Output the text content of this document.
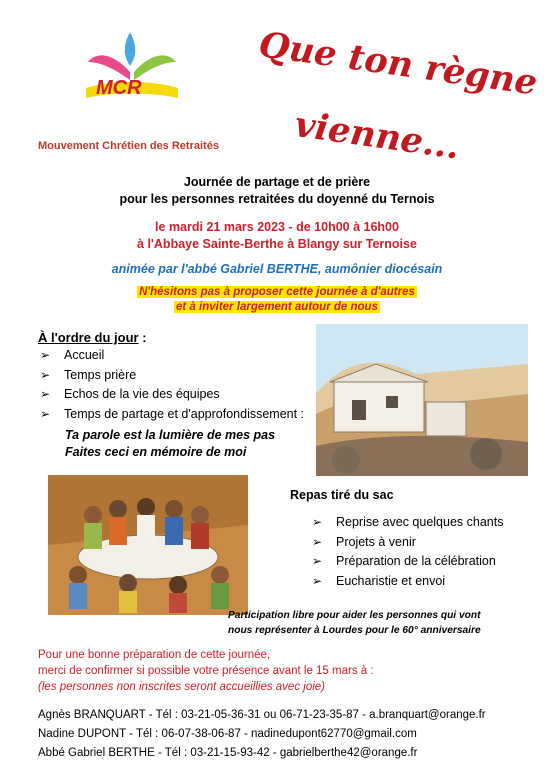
MCR
Mouvement Chrétien des Retraités
Que ton règne
vienne...
Journée de partage et de prière
pour les personnes retraitées du doyenné du Ternois
le mardi 21 mars 2023 - de 10h00 à 16h00
à l'Abbaye Sainte-Berthe à Blangy sur Ternoise
animée par l'abbé Gabriel BERTHE, aumônier diocésain
N'hésitons pas à proposer cette journée à d'autres
et à inviter largement autour de nous
À l'ordre du jour :
➢ Accueil
➢ Temps prière
➢ Echos de la vie des équipes
➢ Temps de partage et d'approfondissement :
Ta parole est la lumière de mes pas
Faites ceci en mémoire de moi
Repas tiré du sac
➢ Reprise avec quelques chants
➢ Projets à venir
➢ Préparation de la célébration
➢ Eucharistie et envoi
Participation libre pour aider les personnes qui vont
nous représenter à Lourdes pour le 60° anniversaire
Pour une bonne préparation de cette journée,
merci de confirmer si possible votre présence avant le 15 mars à :
(les personnes non inscrites seront accueillies avec joie)
Agnès BRANQUART - Tél : 03-21-05-36-31 ou 06-71-23-35-87 - a.branquart@orange.fr
Nadine DUPONT - Tél : 06-07-38-06-87 - nadinedupont62770@gmail.com
Abbé Gabriel BERTHE - Tél : 03-21-15-93-42 - gabrielberthe42@orange.fr
